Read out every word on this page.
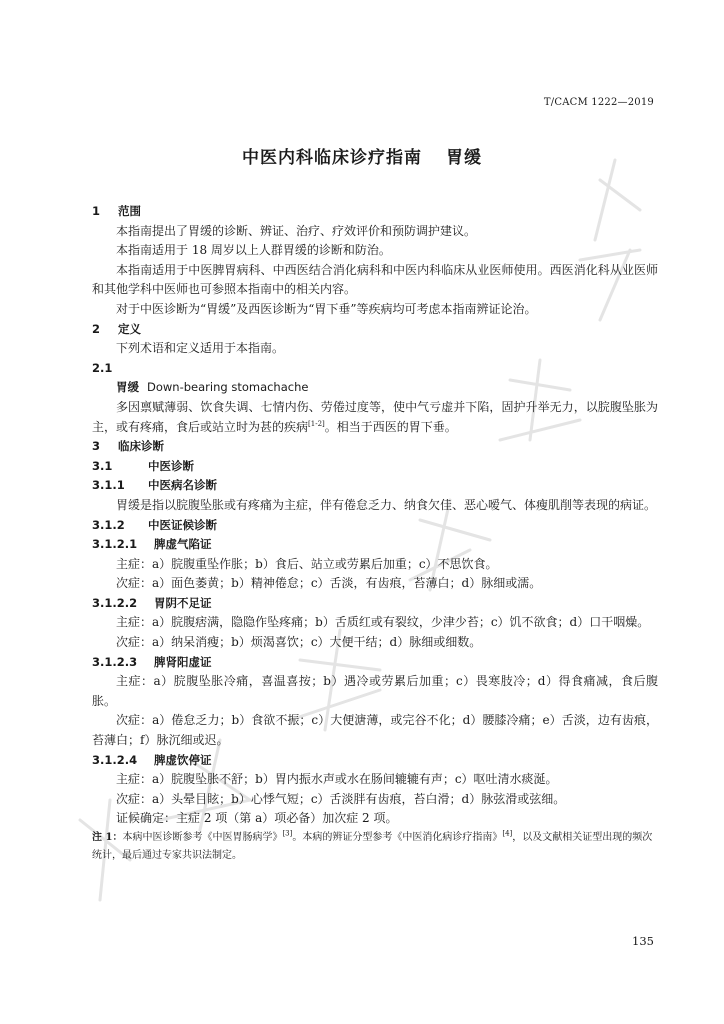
T/CACM 1222—2019
中医内科临床诊疗指南 胃缓

1 范围

本指南提出了胃缓的诊断、辨证、治疗、疗效评价和预防调护建议。

本指南适用于 18 周岁以上人群胃缓的诊断和防治。

本指南适用于中医脾胃病科、中西医结合消化病科和中医内科临床从业医师使用。西医消化科从业医师和其他学科中医师也可参照本指南中的相关内容。

对于中医诊断为“胃缓”及西医诊断为“胃下垂”等疾病均可考虑本指南辨证论治。

2 定义

下列术语和定义适用于本指南。

2.1

胃缓 Down-bearing stomachache

多因禀赋薄弱、饮食失调、七情内伤、劳倦过度等，使中气亏虚并下陷，固护升举无力，以脘腹坠胀为主，或有疼痛，食后或站立时为甚的疾病[1-2]。相当于西医的胃下垂。

3 临床诊断

3.1	中医诊断

3.1.1 中医病名诊断

胃缓是指以脘腹坠胀或有疼痛为主症，伴有倦怠乏力、纳食欠佳、恶心嗳气、体瘦肌削等表现的病证。

3.1.2 中医证候诊断

3.1.2.1 脾虚气陷证

主症：a）脘腹重坠作胀；b）食后、站立或劳累后加重；c）不思饮食。

次症：a）面色萎黄；b）精神倦怠；c）舌淡，有齿痕，苔薄白；d）脉细或濡。

3.1.2.2 胃阴不足证

主症：a）脘腹痞满，隐隐作坠疼痛；b）舌质红或有裂纹，少津少苔；c）饥不欲食；d）口干咽燥。

次症：a）纳呆消瘦；b）烦渴喜饮；c）大便干结；d）脉细或细数。

3.1.2.3 脾肾阳虚证

主症：a）脘腹坠胀冷痛，喜温喜按；b）遇冷或劳累后加重；c）畏寒肢冷；d）得食痛减，食后腹胀。

次症：a）倦怠乏力；b）食欲不振；c）大便溏薄，或完谷不化；d）腰膝冷痛；e）舌淡，边有齿痕，苔薄白；f）脉沉细或迟。

3.1.2.4 脾虚饮停证

主症：a）脘腹坠胀不舒；b）胃内振水声或水在肠间辘辘有声；c）呕吐清水痰涎。

次症：a）头晕目眩；b）心悸气短；c）舌淡胖有齿痕，苔白滑；d）脉弦滑或弦细。

证候确定：主症 2 项（第 a）项必备）加次症 2 项。

注 1：本病中医诊断参考《中医胃肠病学》[3]。本病的辨证分型参考《中医消化病诊疗指南》[4]，以及文献相关证型出现的频次统计，最后通过专家共识法制定。

135
